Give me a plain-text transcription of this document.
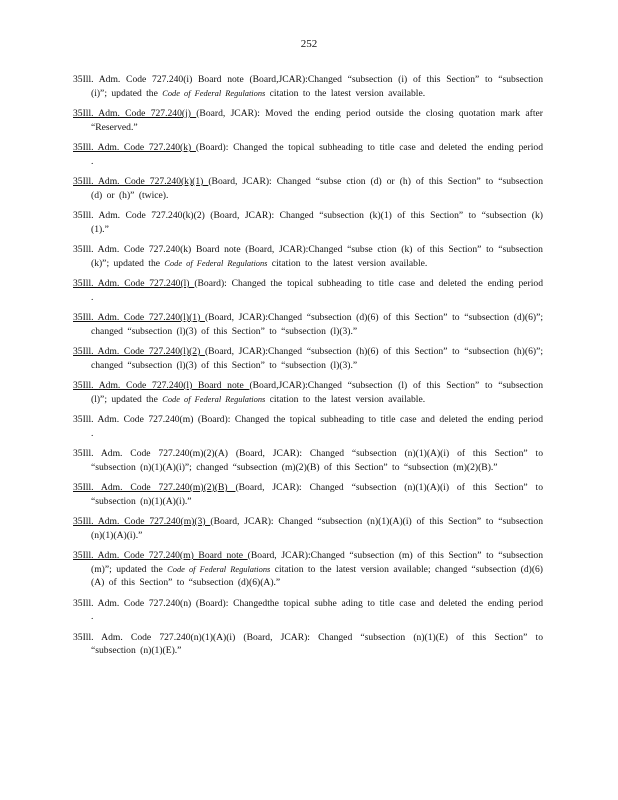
252

35Ill. Adm. Code 727.240(i) Board note (Board,JCAR):Changed “subsection (i) of this Section” to “subsection (i)”; updated the Code of Federal Regulations citation to the latest version available.

35Ill. Adm. Code 727.240(j) (Board, JCAR): Moved the ending period outside the closing quotation mark after “Reserved.”

35Ill. Adm. Code 727.240(k) (Board): Changed the topical subheading to title case and deleted the ending period .

35Ill. Adm. Code 727.240(k)(1) (Board, JCAR): Changed “subse ction (d) or (h) of this Section” to “subsection (d) or (h)” (twice).

35Ill. Adm. Code 727.240(k)(2) (Board, JCAR): Changed “subsection (k)(1) of this Section” to “subsection (k)(1).”

35Ill. Adm. Code 727.240(k) Board note (Board, JCAR):Changed “subse ction (k) of this Section” to “subsection (k)”; updated the Code of Federal Regulations citation to the latest version available.

35Ill. Adm. Code 727.240(l) (Board): Changed the topical subheading to title case and deleted the ending period .

35Ill. Adm. Code 727.240(l)(1) (Board, JCAR):Changed “subsection (d)(6) of this Section” to “subsection (d)(6)”; changed “subsection (l)(3) of this Section” to “subsection (l)(3).”

35Ill. Adm. Code 727.240(l)(2) (Board, JCAR):Changed “subsection (h)(6) of this Section” to “subsection (h)(6)”; changed “subsection (l)(3) of this Section” to “subsection (l)(3).”

35Ill. Adm. Code 727.240(l) Board note (Board,JCAR):Changed “subsection (l) of this Section” to “subsection (l)”; updated the Code of Federal Regulations citation to the latest version available.

35Ill. Adm. Code 727.240(m) (Board): Changed the topical subheading to title case and deleted the ending period .

35Ill. Adm. Code 727.240(m)(2)(A) (Board, JCAR): Changed “subsection (n)(1)(A)(i) of this Section” to “subsection (n)(1)(A)(i)”; changed “subsection (m)(2)(B) of this Section” to “subsection (m)(2)(B).”

35Ill. Adm. Code 727.240(m)(2)(B) (Board, JCAR): Changed “subsection (n)(1)(A)(i) of this Section” to “subsection (n)(1)(A)(i).”

35Ill. Adm. Code 727.240(m)(3) (Board, JCAR): Changed “subsection (n)(1)(A)(i) of this Section” to “subsection (n)(1)(A)(i).”

35Ill. Adm. Code 727.240(m) Board note (Board, JCAR):Changed “subsection (m) of this Section” to “subsection (m)”; updated the Code of Federal Regulations citation to the latest version available; changed “subsection (d)(6)(A) of this Section” to “subsection (d)(6)(A).”

35Ill. Adm. Code 727.240(n) (Board): Changedthe topical subhe ading to title case and deleted the ending period .

35Ill. Adm. Code 727.240(n)(1)(A)(i) (Board, JCAR): Changed “subsection (n)(1)(E) of this Section” to “subsection (n)(1)(E).”
